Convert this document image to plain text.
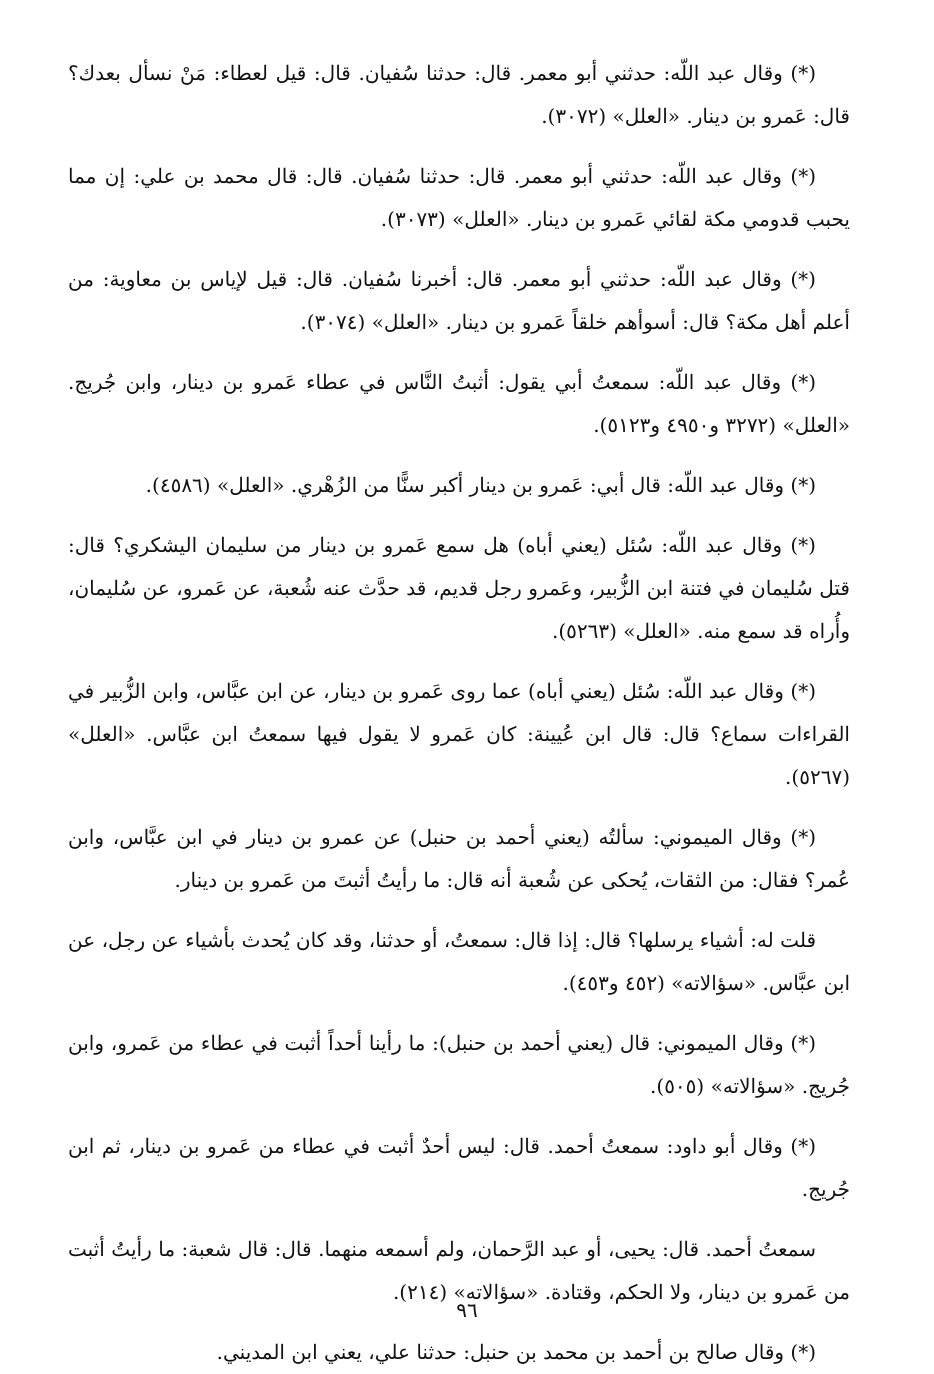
(*) وقال عبد اللّه: حدثني أبو معمر. قال: حدثنا سُفيان. قال: قيل لعطاء: مَنْ نسأل بعدك؟ قال: عَمرو بن دينار. «العلل» (٣٠٧٢).

(*) وقال عبد اللّه: حدثني أبو معمر. قال: حدثنا سُفيان. قال: قال محمد بن علي: إن مما يحبب قدومي مكة لقائي عَمرو بن دينار. «العلل» (٣٠٧٣).

(*) وقال عبد اللّه: حدثني أبو معمر. قال: أخبرنا سُفيان. قال: قيل لإياس بن معاوية: من أعلم أهل مكة؟ قال: أسوأهم خلقاً عَمرو بن دينار. «العلل» (٣٠٧٤).

(*) وقال عبد اللّه: سمعتُ أبي يقول: أثبتُ النَّاس في عطاء عَمرو بن دينار، وابن جُريج. «العلل» (٣٢٧٢ و٤٩٥٠ و٥١٢٣).

(*) وقال عبد اللّه: قال أبي: عَمرو بن دينار أكبر سنًّا من الزُهْري. «العلل» (٤٥٨٦).

(*) وقال عبد اللّه: سُئل (يعني أباه) هل سمع عَمرو بن دينار من سليمان اليشكري؟ قال: قتل سُليمان في فتنة ابن الزُّبير، وعَمرو رجل قديم، قد حدَّث عنه شُعبة، عن عَمرو، عن سُليمان، وأُراه قد سمع منه. «العلل» (٥٢٦٣).

(*) وقال عبد اللّه: سُئل (يعني أباه) عما روى عَمرو بن دينار، عن ابن عبَّاس، وابن الزُّبير في القراءات سماع؟ قال: قال ابن عُيينة: كان عَمرو لا يقول فيها سمعتُ ابن عبَّاس. «العلل» (٥٢٦٧).

(*) وقال الميموني: سألتُه (يعني أحمد بن حنبل) عن عمرو بن دينار في ابن عبَّاس، وابن عُمر؟ فقال: من الثقات، يُحكى عن شُعبة أنه قال: ما رأيتُ أثبتَ من عَمرو بن دينار.

قلت له: أشياء يرسلها؟ قال: إذا قال: سمعتُ، أو حدثنا، وقد كان يُحدث بأشياء عن رجل، عن ابن عبَّاس. «سؤالاته» (٤٥٢ و٤٥٣).

(*) وقال الميموني: قال (يعني أحمد بن حنبل): ما رأينا أحداً أثبت في عطاء من عَمرو، وابن جُريج. «سؤالاته» (٥٠٥).

(*) وقال أبو داود: سمعتُ أحمد. قال: ليس أحدٌ أثبت في عطاء من عَمرو بن دينار، ثم ابن جُريج.

سمعتُ أحمد. قال: يحيى، أو عبد الرَّحمان، ولم أسمعه منهما. قال: قال شعبة: ما رأيتُ أثبت من عَمرو بن دينار، ولا الحكم، وقتادة. «سؤالاته» (٢١٤).

(*) وقال صالح بن أحمد بن محمد بن حنبل: حدثنا علي، يعني ابن المديني.

٩٦
